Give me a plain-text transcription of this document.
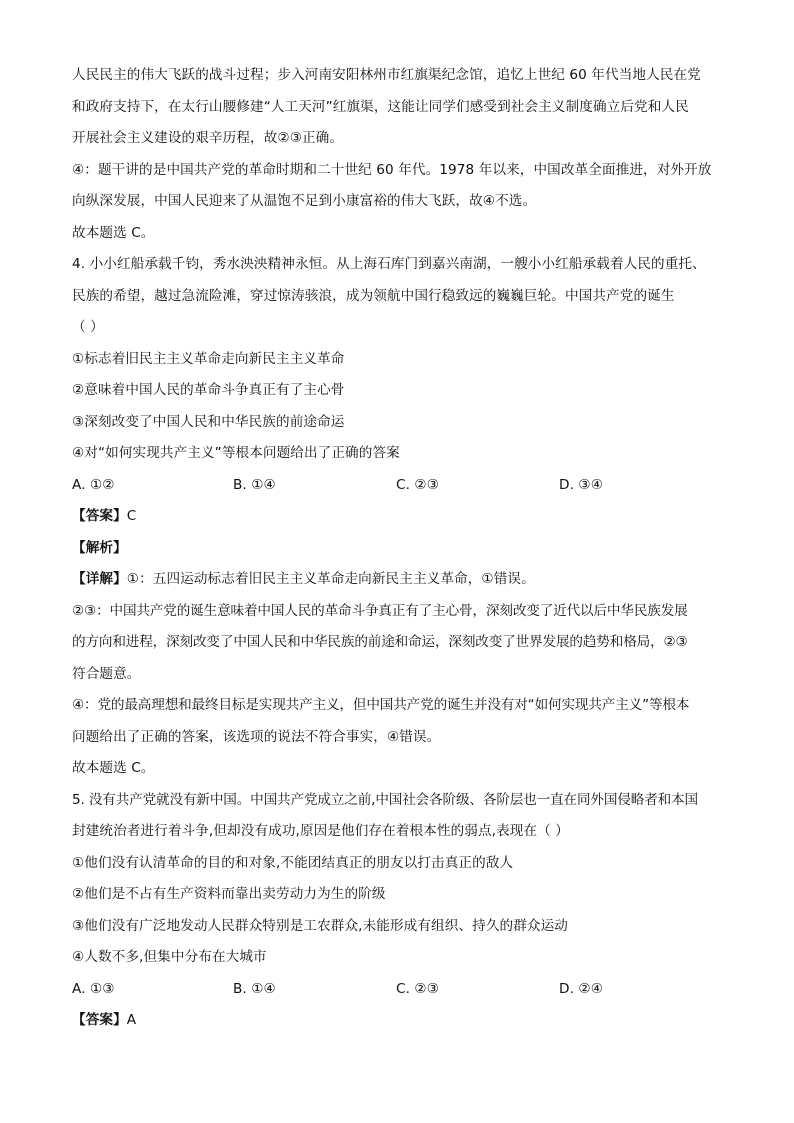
人民民主的伟大飞跃的战斗过程；步入河南安阳林州市红旗渠纪念馆，追忆上世纪 60 年代当地人民在党
和政府支持下，在太行山腰修建“人工天河”红旗渠，这能让同学们感受到社会主义制度确立后党和人民
开展社会主义建设的艰辛历程，故②③正确。
④：题干讲的是中国共产党的革命时期和二十世纪 60 年代。1978 年以来，中国改革全面推进，对外开放
向纵深发展，中国人民迎来了从温饱不足到小康富裕的伟大飞跃，故④不选。
故本题选 C。
4. 小小红船承载千钧，秀水泱泱精神永恒。从上海石库门到嘉兴南湖，一艘小小红船承载着人民的重托、
民族的希望，越过急流险滩，穿过惊涛骇浪，成为领航中国行稳致远的巍巍巨轮。中国共产党的诞生
（ ）
①标志着旧民主主义革命走向新民主主义革命
②意味着中国人民的革命斗争真正有了主心骨
③深刻改变了中国人民和中华民族的前途命运
④对“如何实现共产主义”等根本问题给出了正确的答案
A. ①②	B. ①④	C. ②③	D. ③④
【答案】C
【解析】
【详解】①：五四运动标志着旧民主主义革命走向新民主主义革命，①错误。
②③：中国共产党的诞生意味着中国人民的革命斗争真正有了主心骨，深刻改变了近代以后中华民族发展
的方向和进程，深刻改变了中国人民和中华民族的前途和命运，深刻改变了世界发展的趋势和格局，②③
符合题意。
④：党的最高理想和最终目标是实现共产主义，但中国共产党的诞生并没有对“如何实现共产主义”等根本
问题给出了正确的答案，该选项的说法不符合事实，④错误。
故本题选 C。
5. 没有共产党就没有新中国。中国共产党成立之前,中国社会各阶级、各阶层也一直在同外国侵略者和本国
封建统治者进行着斗争,但却没有成功,原因是他们存在着根本性的弱点,表现在（ ）
①他们没有认清革命的目的和对象,不能团结真正的朋友以打击真正的敌人
②他们是不占有生产资料而靠出卖劳动力为生的阶级
③他们没有广泛地发动人民群众特别是工农群众,未能形成有组织、持久的群众运动
④人数不多,但集中分布在大城市
A. ①③	B. ①④	C. ②③	D. ②④
【答案】A
